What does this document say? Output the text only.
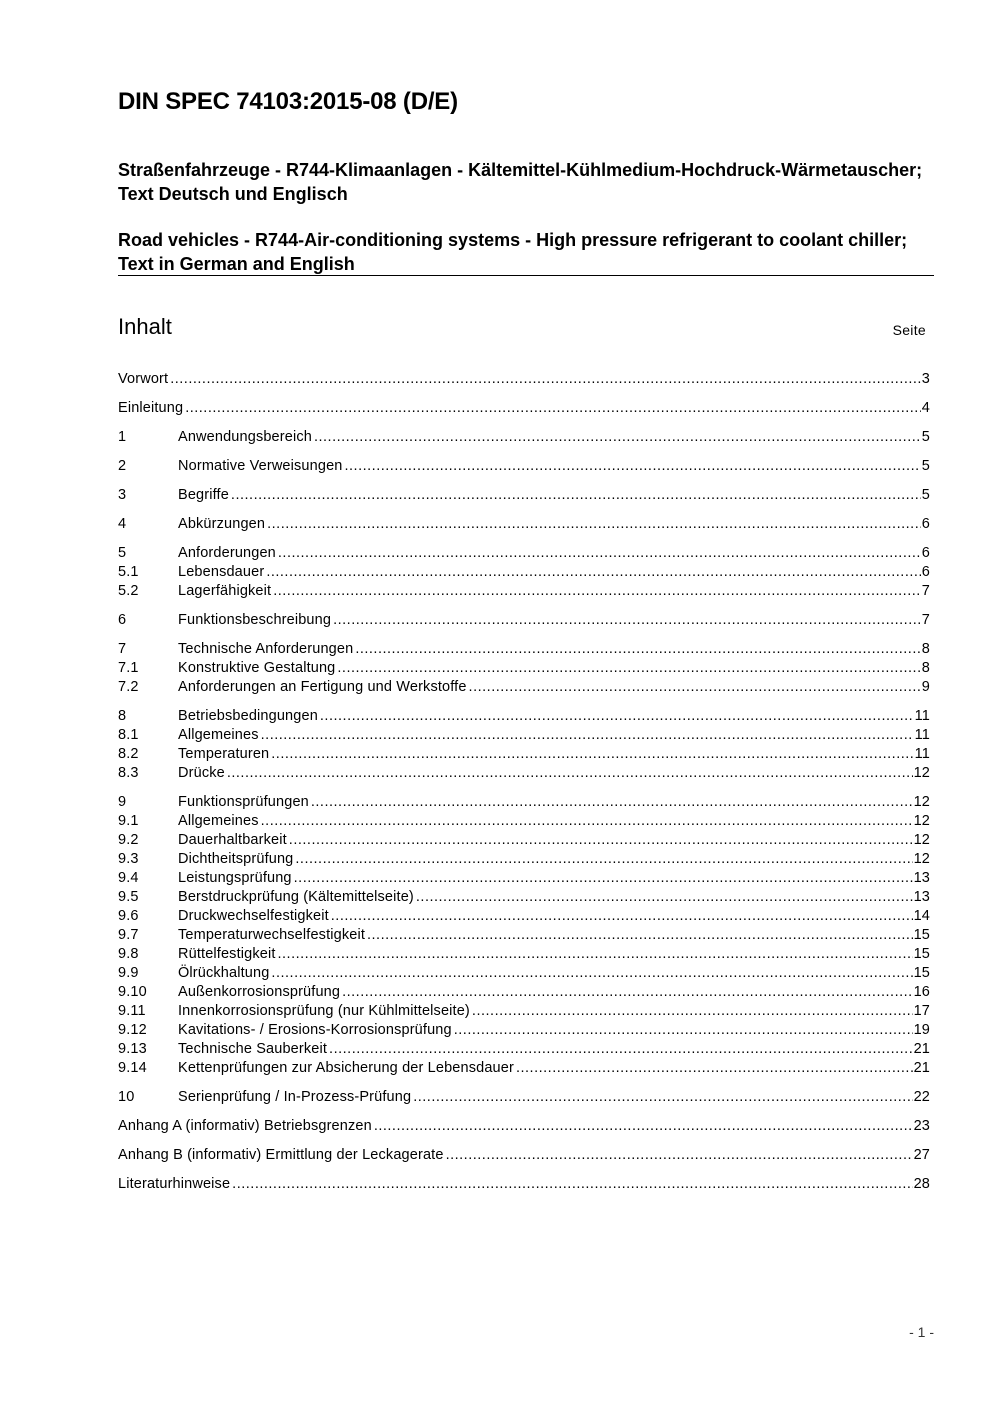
DIN SPEC 74103:2015-08 (D/E)

Straßenfahrzeuge - R744-Klimaanlagen - Kältemittel-Kühlmedium-Hochdruck-Wärmetauscher; Text Deutsch und Englisch

Road vehicles - R744-Air-conditioning systems - High pressure refrigerant to coolant chiller; Text in German and English

Inhalt	Seite
Vorwort .....	3
Einleitung .....	4
1	Anwendungsbereich .....	5
2	Normative Verweisungen .....	5
3	Begriffe .....	5
4	Abkürzungen .....	6
5	Anforderungen .....	6
5.1	Lebensdauer .....	6
5.2	Lagerfähigkeit .....	7
6	Funktionsbeschreibung .....	7
7	Technische Anforderungen .....	8
7.1	Konstruktive Gestaltung .....	8
7.2	Anforderungen an Fertigung und Werkstoffe .....	9
8	Betriebsbedingungen .....	11
8.1	Allgemeines .....	11
8.2	Temperaturen .....	11
8.3	Drücke .....	12
9	Funktionsprüfungen .....	12
9.1	Allgemeines .....	12
9.2	Dauerhaltbarkeit .....	12
9.3	Dichtheitsprüfung .....	12
9.4	Leistungsprüfung .....	13
9.5	Berstdruckprüfung (Kältemittelseite) .....	13
9.6	Druckwechselfestigkeit .....	14
9.7	Temperaturwechselfestigkeit .....	15
9.8	Rüttelfestigkeit .....	15
9.9	Ölrückhaltung .....	15
9.10	Außenkorrosionsprüfung .....	16
9.11	Innenkorrosionsprüfung (nur Kühlmittelseite) .....	17
9.12	Kavitations- / Erosions-Korrosionsprüfung .....	19
9.13	Technische Sauberkeit .....	21
9.14	Kettenprüfungen zur Absicherung der Lebensdauer .....	21
10	Serienprüfung / In-Prozess-Prüfung .....	22
Anhang A (informativ) Betriebsgrenzen .....	23
Anhang B (informativ) Ermittlung der Leckagerate .....	27
Literaturhinweise .....	28
- 1 -
